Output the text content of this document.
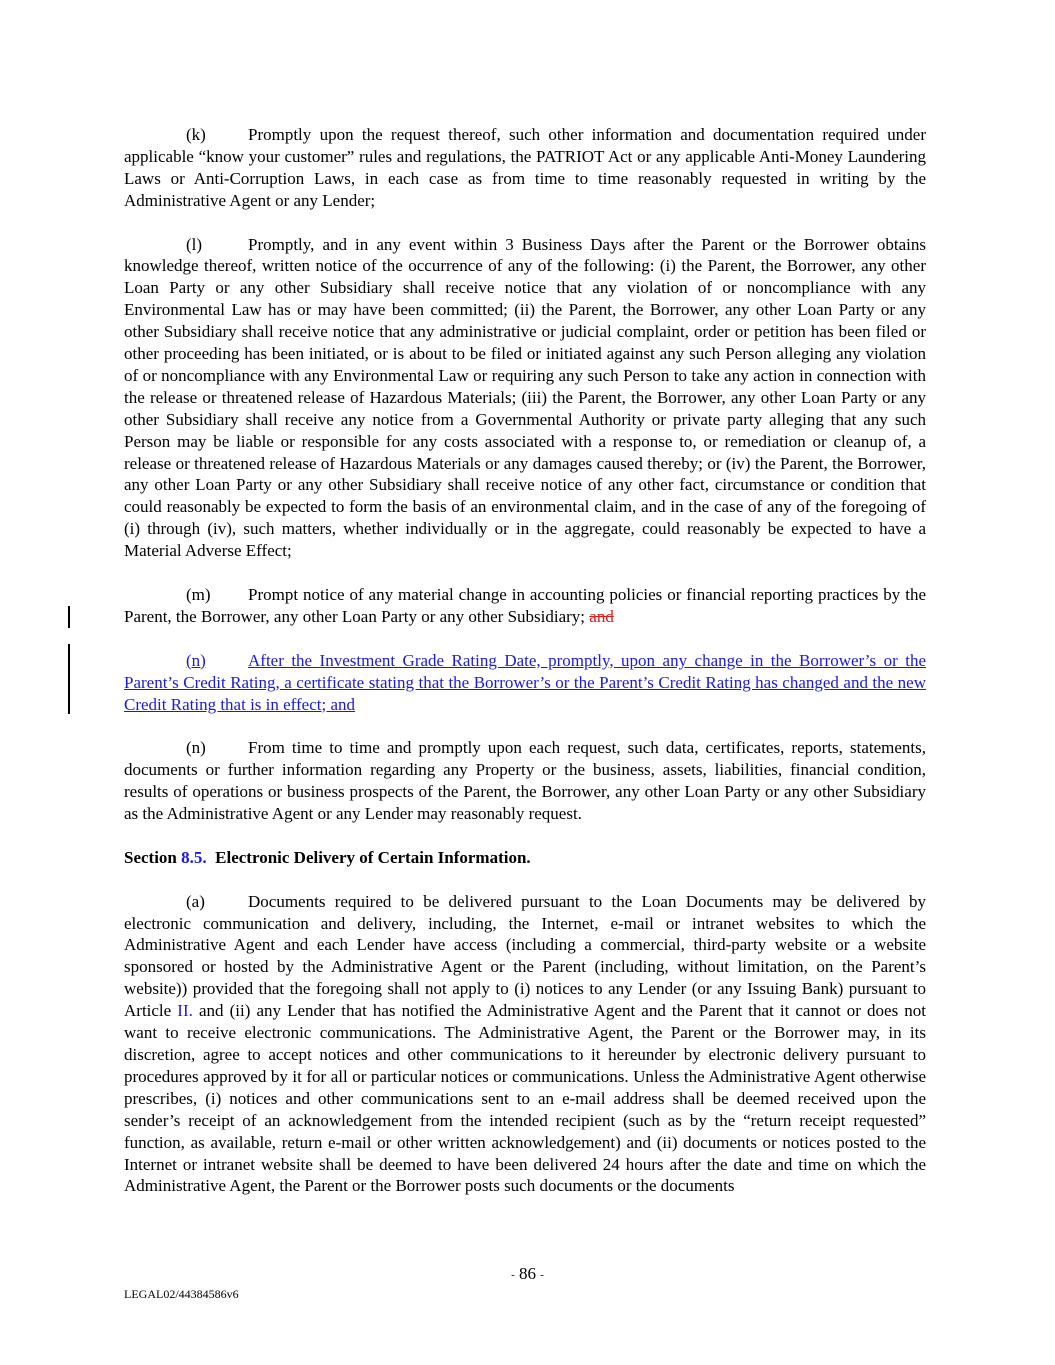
(k) Promptly upon the request thereof, such other information and documentation required under applicable “know your customer” rules and regulations, the PATRIOT Act or any applicable Anti-Money Laundering Laws or Anti-Corruption Laws, in each case as from time to time reasonably requested in writing by the Administrative Agent or any Lender;

(l)	Promptly, and in any event within 3 Business Days after the Parent or the Borrower obtains knowledge thereof, written notice of the occurrence of any of the following: (i) the Parent, the Borrower, any other Loan Party or any other Subsidiary shall receive notice that any violation of or noncompliance with any Environmental Law has or may have been committed; (ii) the Parent, the Borrower, any other Loan Party or any other Subsidiary shall receive notice that any administrative or judicial complaint, order or petition has been filed or other proceeding has been initiated, or is about to be filed or initiated against any such Person alleging any violation of or noncompliance with any Environmental Law or requiring any such Person to take any action in connection with the release or threatened release of Hazardous Materials; (iii) the Parent, the Borrower, any other Loan Party or any other Subsidiary shall receive any notice from a Governmental Authority or private party alleging that any such Person may be liable or responsible for any costs associated with a response to, or remediation or cleanup of, a release or threatened release of Hazardous Materials or any damages caused thereby; or (iv) the Parent, the Borrower, any other Loan Party or any other Subsidiary shall receive notice of any other fact, circumstance or condition that could reasonably be expected to form the basis of an environmental claim, and in the case of any of the foregoing of (i) through (iv), such matters, whether individually or in the aggregate, could reasonably be expected to have a Material Adverse Effect;

(m) Prompt notice of any material change in accounting policies or financial reporting practices by the Parent, the Borrower, any other Loan Party or any other Subsidiary; and

(n) After the Investment Grade Rating Date, promptly, upon any change in the Borrower’s or the Parent’s Credit Rating, a certificate stating that the Borrower’s or the Parent’s Credit Rating has changed and the new Credit Rating that is in effect; and

(n) From time to time and promptly upon each request, such data, certificates, reports, statements, documents or further information regarding any Property or the business, assets, liabilities, financial condition, results of operations or business prospects of the Parent, the Borrower, any other Loan Party or any other Subsidiary as the Administrative Agent or any Lender may reasonably request.

Section 8.5. Electronic Delivery of Certain Information.

(a)	Documents required to be delivered pursuant to the Loan Documents may be delivered by electronic communication and delivery, including, the Internet, e-mail or intranet websites to which the Administrative Agent and each Lender have access (including a commercial, third-party website or a website sponsored or hosted by the Administrative Agent or the Parent (including, without limitation, on the Parent’s website)) provided that the foregoing shall not apply to (i) notices to any Lender (or any Issuing Bank) pursuant to Article II. and (ii) any Lender that has notified the Administrative Agent and the Parent that it cannot or does not want to receive electronic communications. The Administrative Agent, the Parent or the Borrower may, in its discretion, agree to accept notices and other communications to it hereunder by electronic delivery pursuant to procedures approved by it for all or particular notices or communications. Unless the Administrative Agent otherwise prescribes, (i) notices and other communications sent to an e-mail address shall be deemed received upon the sender’s receipt of an acknowledgement from the intended recipient (such as by the “return receipt requested” function, as available, return e-mail or other written acknowledgement) and (ii) documents or notices posted to the Internet or intranet website shall be deemed to have been delivered 24 hours after the date and time on which the Administrative Agent, the Parent or the Borrower posts such documents or the documents

- 86 -
LEGAL02/44384586v6
